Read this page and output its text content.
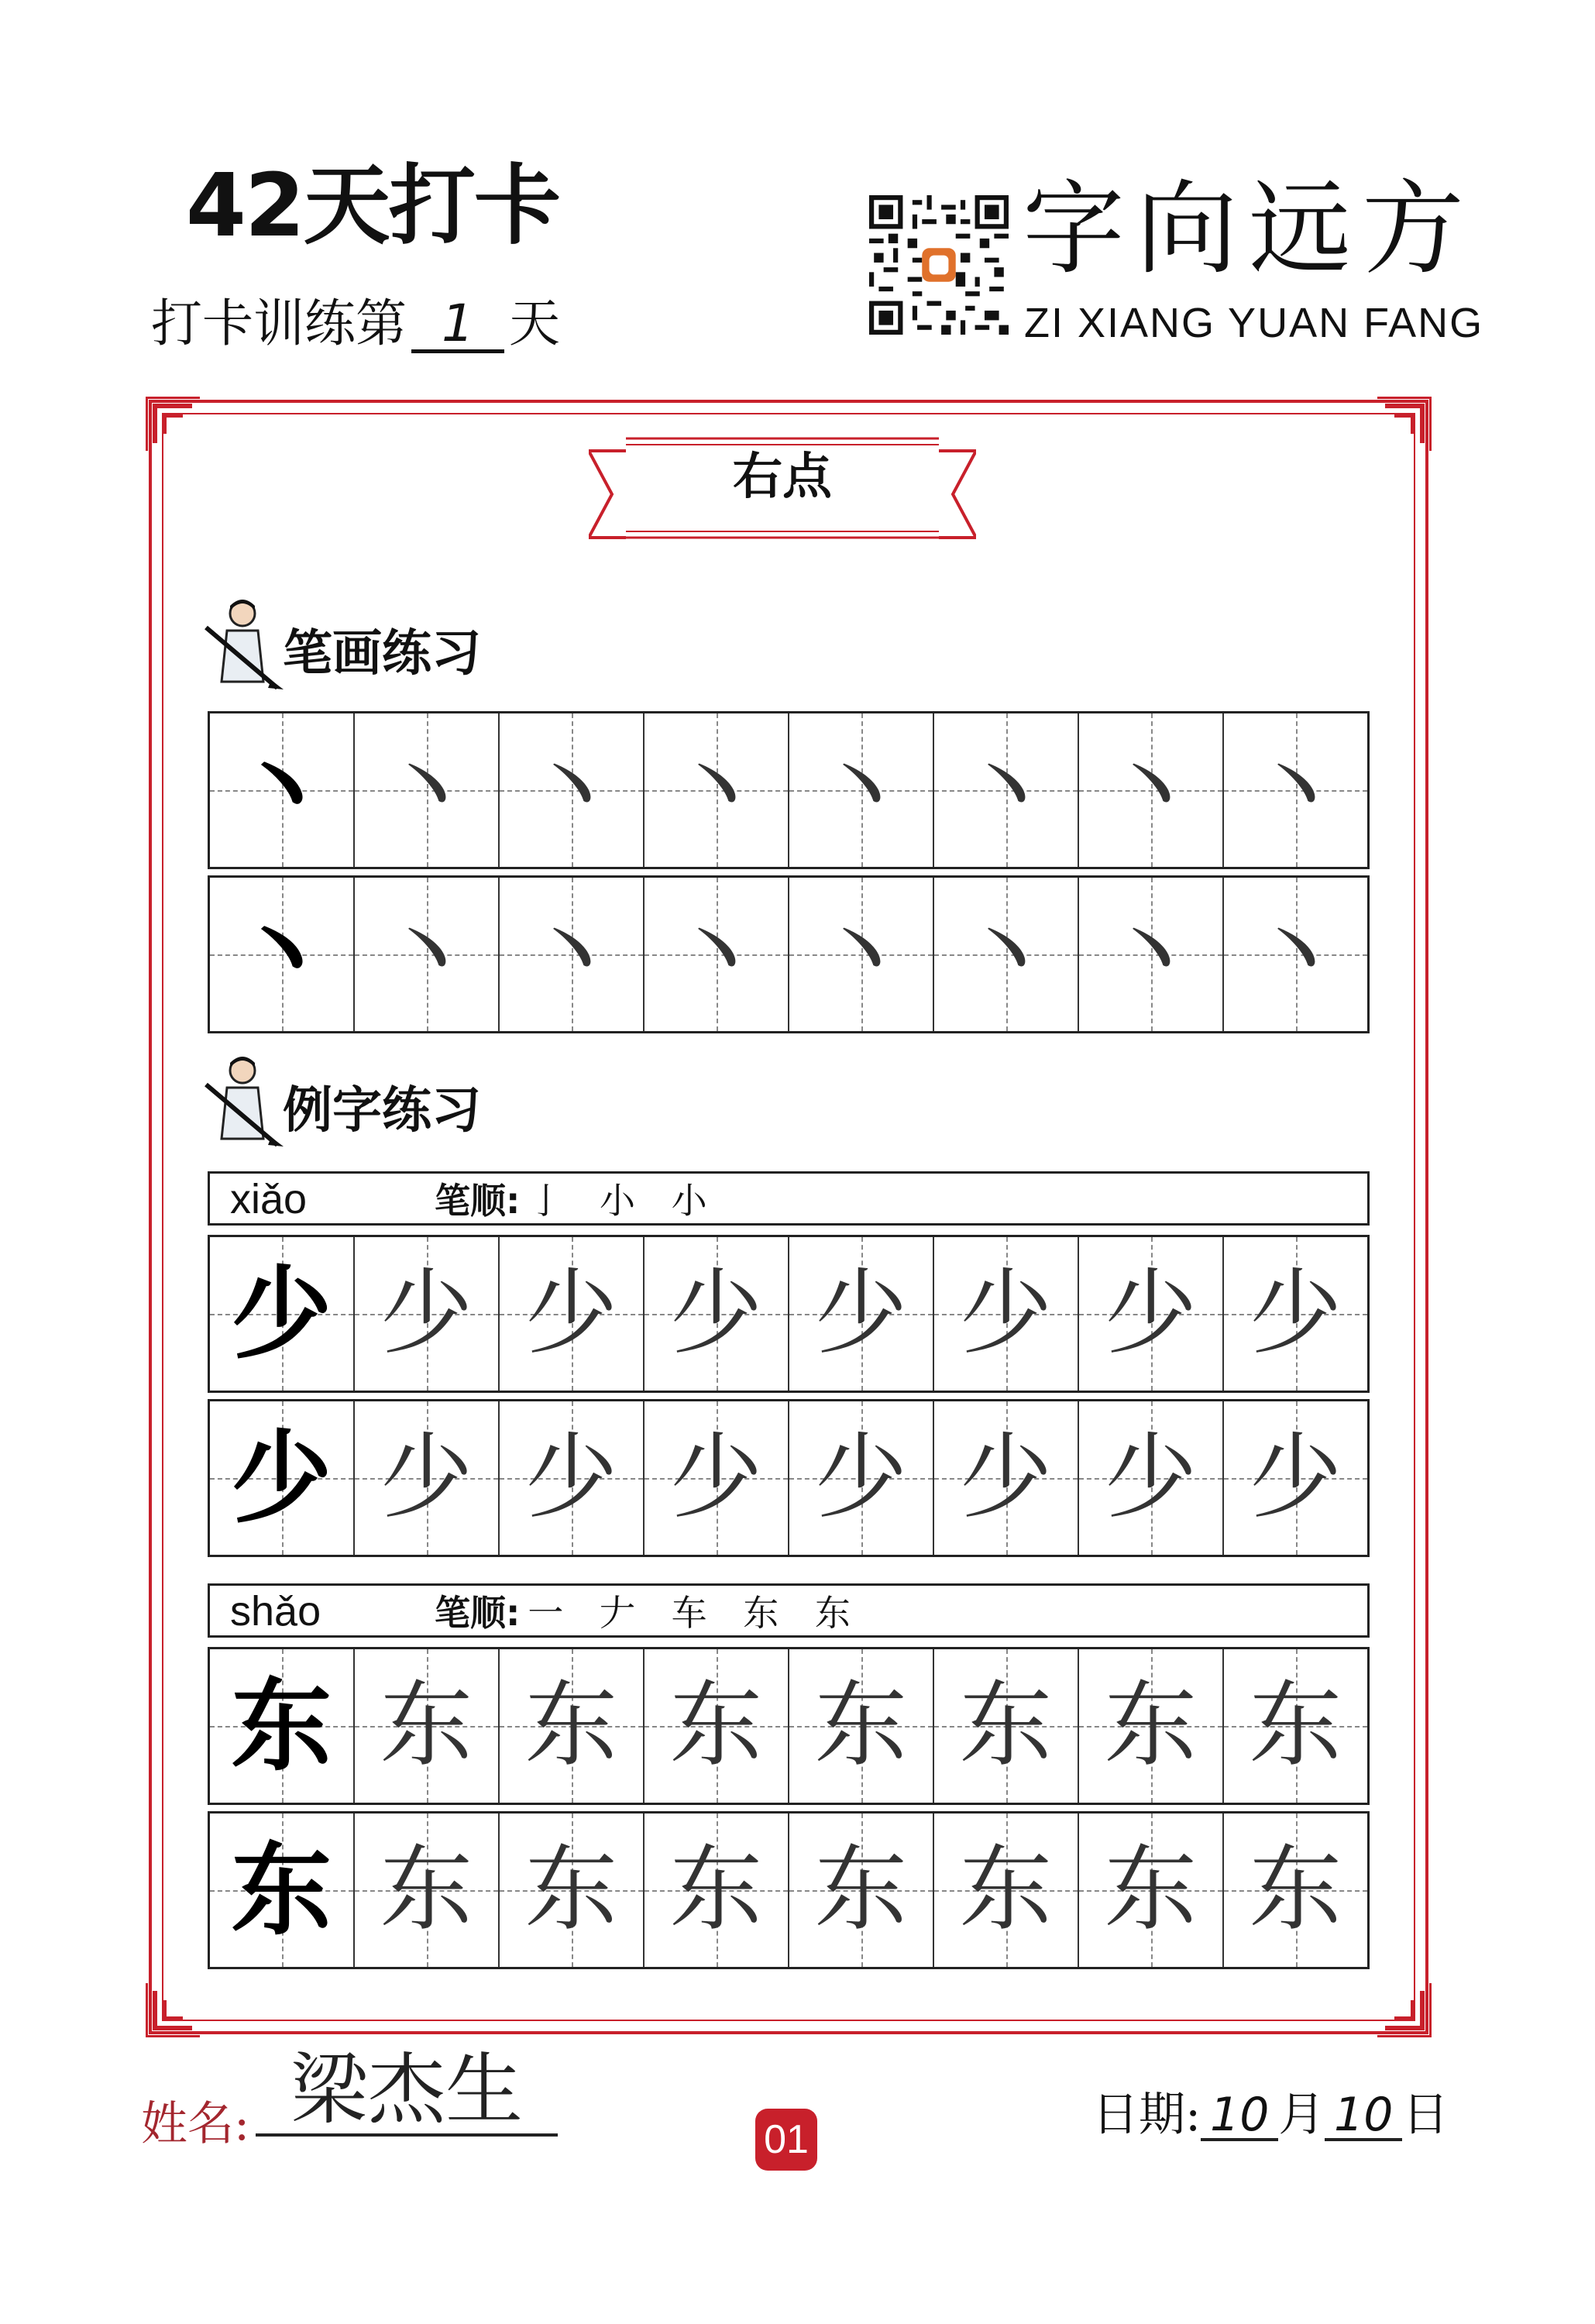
42天打卡
打卡训练第 1 天
字向远方
ZI XIANG YUAN FANG
右点
笔画练习
丶 丶 丶 丶 丶 丶 丶 丶
丶 丶 丶 丶 丶 丶 丶 丶
例字练习
xiǎo	笔顺: 亅 小 小
少 少 少 少 少 少 少 少
少 少 少 少 少 少 少 少
shǎo	笔顺: 一 𠂇 车 东 东
东 东 东 东 东 东 东 东
东 东 东 东 东 东 东 东
姓名: 梁杰生
01	日期: 10 月 10 日
